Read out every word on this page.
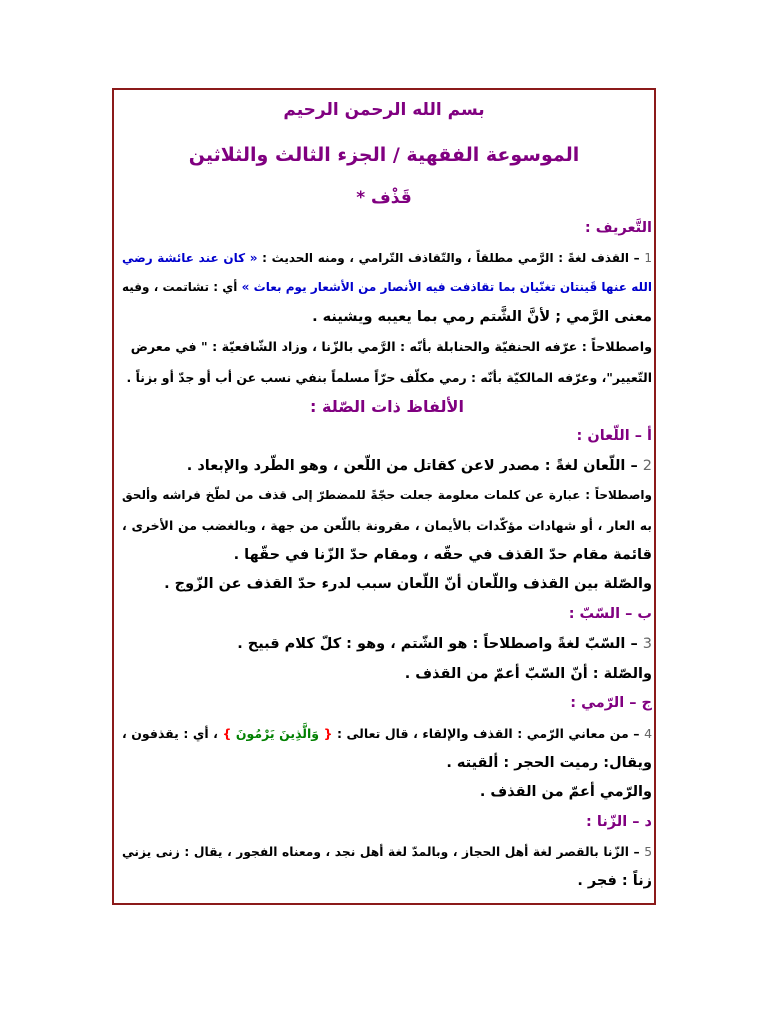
بسم الله الرحمن الرحيم
الموسوعة الفقهية / الجزء الثالث والثلاثين
قَذْف *
التَّعريف :
1 – القذف لغةً : الرَّمي مطلقاً ، والتّقاذف التّرامي ، ومنه الحديث : « كان عند عائشة رضي
الله عنها قَينتان تغنّيان بما تقاذفت فيه الأنصار من الأشعار يوم بعاث » أي : تشاتمت ، وفيه
معنى الرَّمي ; لأنَّ الشَّتم رمي بما يعيبه ويشينه .
واصطلاحاً : عرّفه الحنفيّة والحنابلة بأنّه : الرَّمي بالزّنا ، وزاد الشّافعيّة : " في معرض
التّعيير"، وعرّفه المالكيّة بأنّه : رمي مكلّف حرّاً مسلماً بنفي نسب عن أب أو جدّ أو بزناً .
الألفاظ ذات الصّلة :
أ – اللّعان :
2 – اللّعان لغةً : مصدر لاعن كقاتل من اللّعن ، وهو الطّرد والإبعاد .
واصطلاحاً : عبارة عن كلمات معلومة جعلت حجّةً للمضطرّ إلى قذف من لطّخ فراشه وألحق
به العار ، أو شهادات مؤكّدات بالأيمان ، مقرونة باللّعن من جهة ، وبالغضب من الأخرى ،
قائمة مقام حدّ القذف في حقّه ، ومقام حدّ الزّنا في حقّها .
والصّلة بين القذف واللّعان أنّ اللّعان سبب لدرء حدّ القذف عن الزّوج .
ب – السّبّ :
3 – السّبّ لغةً واصطلاحاً : هو الشّتم ، وهو : كلّ كلام قبيح .
والصّلة : أنّ السّبّ أعمّ من القذف .
ج – الرّمي :
4 – من معاني الرّمي : القذف والإلقاء ، قال تعالى : { وَالَّذِينَ يَرْمُونَ } ، أي : يقذفون ،
ويقال: رميت الحجر : ألقيته .
والرّمي أعمّ من القذف .
د – الزّنا :
5 – الزّنا بالقصر لغة أهل الحجاز ، وبالمدّ لغة أهل نجد ، ومعناه الفجور ، يقال : زنى يزني
زناً : فجر .
